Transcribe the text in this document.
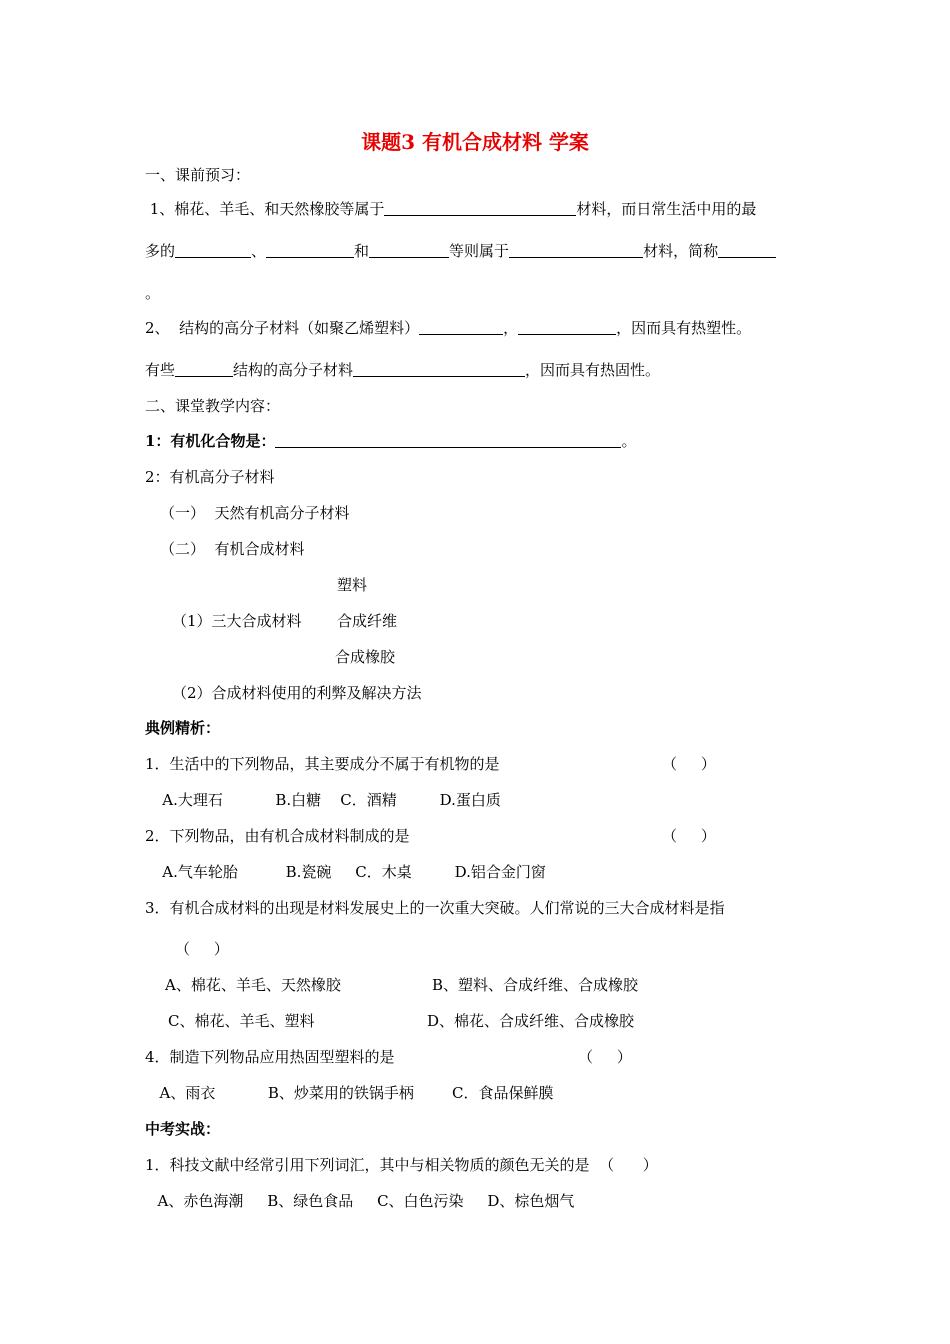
课题3 有机合成材料 学案
一、课前预习：
1、棉花、羊毛、和天然橡胶等属于	材料，而日常生活中用的最
多的	、	和	等则属于	材料，简称
。
2、  结构的高分子材料（如聚乙烯塑料）	，	，因而具有热塑性。
有些	结构的高分子材料	，因而具有热固性。
二、课堂教学内容：
1：有机化合物是：	。
2：有机高分子材料
（一）  天然有机高分子材料
（二）  有机合成材料
塑料
（1）三大合成材料 合成纤维
合成橡胶
（2）合成材料使用的利弊及解决方法
典例精析：
1．生活中的下列物品，其主要成分不属于有机物的是	（     ）
A.大理石           B.白糖    C．酒精         D.蛋白质
2．下列物品，由有机合成材料制成的是	（     ）
A.气车轮胎          B.瓷碗     C．木桌         D.铝合金门窗
3．有机合成材料的出现是材料发展史上的一次重大突破。人们常说的三大合成材料是指
（     ）
A、棉花、羊毛、天然橡胶	B、塑料、合成纤维、合成橡胶
C、棉花、羊毛、塑料	D、棉花、合成纤维、合成橡胶
4．制造下列物品应用热固型塑料的是	（     ）
A、雨衣           B、炒菜用的铁锅手柄        C．食品保鲜膜
中考实战：
1．科技文献中经常引用下列词汇，其中与相关物质的颜色无关的是  （      ）
A、赤色海潮     B、绿色食品     C、白色污染     D、棕色烟气
